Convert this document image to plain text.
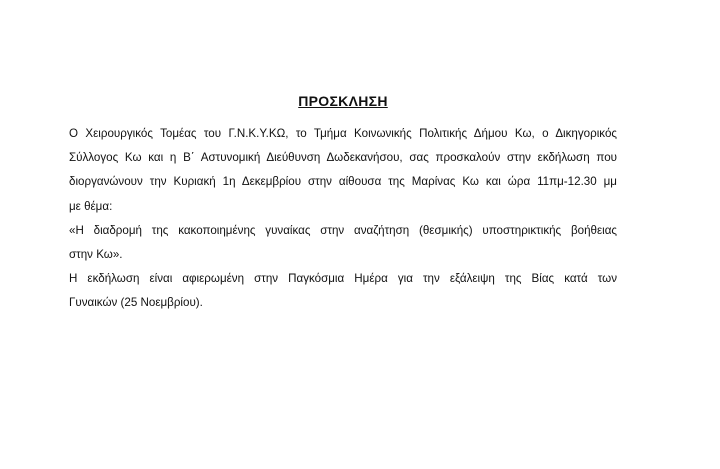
ΠΡΟΣΚΛΗΣΗ

Ο Χειρουργικός Τομέας του Γ.Ν.Κ.Υ.ΚΩ, το Τμήμα Κοινωνικής Πολιτικής Δήμου Κω, ο Δικηγορικός
Σύλλογος Κω και η Β΄ Αστυνομική Διεύθυνση Δωδεκανήσου, σας προσκαλούν στην εκδήλωση που
διοργανώνουν την Κυριακή 1η Δεκεμβρίου στην αίθουσα της Μαρίνας Κω και ώρα 11πμ-12.30 μμ
με θέμα:

«Η διαδρομή της κακοποιημένης γυναίκας στην αναζήτηση (θεσμικής) υποστηρικτικής βοήθειας
στην Κω».

Η εκδήλωση είναι αφιερωμένη στην Παγκόσμια Ημέρα για την εξάλειψη της Βίας κατά των
Γυναικών (25 Νοεμβρίου).
